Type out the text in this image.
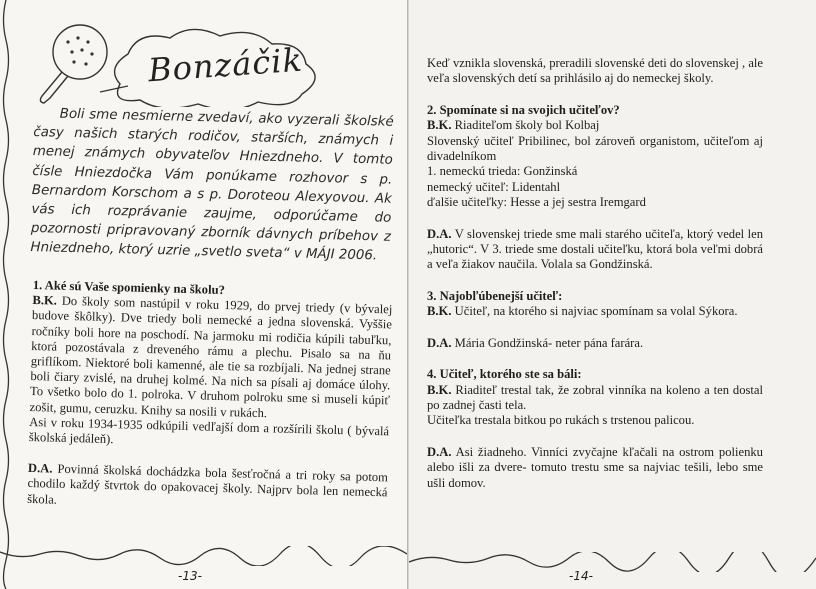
Bonzáčik

Boli sme nesmierne zvedaví, ako vyzerali školské časy našich starých rodičov, starších, známych i menej známych obyvateľov Hniezdneho. V tomto čísle Hniezdočka Vám ponúkame rozhovor s p. Bernardom Korschom a s p. Doroteou Alexyovou. Ak vás ich rozprávanie zaujme, odporúčame do pozornosti pripravovaný zborník dávnych príbehov z Hniezdneho, ktorý uzrie „svetlo sveta“ v MÁJI 2006.

1. Aké sú Vaše spomienky na školu?
B.K. Do školy som nastúpil v roku 1929, do prvej triedy (v bývalej budove škôlky). Dve triedy boli nemecké a jedna slovenská. Vyššie ročníky boli hore na poschodí. Na jarmoku mi rodičia kúpili tabuľku, ktorá pozostávala z dreveného rámu a plechu. Pisalo sa na ňu griflíkom. Niektoré boli kamenné, ale tie sa rozbíjali. Na jednej strane boli čiary zvislé, na druhej kolmé. Na nich sa písali aj domáce úlohy. To všetko bolo do 1. polroka. V druhom polroku sme si museli kúpiť zošit, gumu, ceruzku. Knihy sa nosili v rukách.
Asi v roku 1934-1935 odkúpili vedľajší dom a rozšírili školu ( bývalá školská jedáleň).
D.A. Povinná školská dochádzka bola šesťročná a tri roky sa potom chodilo každý štvrtok do opakovacej školy. Najprv bola len nemecká škola.
-13-
Keď vznikla slovenská, preradili slovenské deti do slovenskej , ale veľa slovenských detí sa prihlásilo aj do nemeckej školy.
2. Spomínate si na svojich učiteľov?
B.K. Riaditeľom školy bol Kolbaj
Slovenský učiteľ Pribilinec, bol zároveň organistom, učiteľom aj divadelníkom
1. nemeckú trieda: Gonžinská
nemecký učiteľ: Lidentahl
ďalšie učiteľky: Hesse a jej sestra Iremgard
D.A. V slovenskej triede sme mali starého učiteľa, ktorý vedel len „hutoric“. V 3. triede sme dostali učiteľku, ktorá bola veľmi dobrá a veľa žiakov naučila. Volala sa Gondžinská.
3. Najobľúbenejší učiteľ:
B.K. Učiteľ, na ktorého si najviac spomínam sa volal Sýkora.
D.A. Mária Gondžinská- neter pána farára.
4. Učiteľ, ktorého ste sa báli:
B.K. Riaditeľ trestal tak, že zobral vinníka na koleno a ten dostal po zadnej časti tela.
Učiteľka trestala bitkou po rukách s trstenou palicou.
D.A. Asi žiadneho. Vinníci zvyčajne kľačali na ostrom polienku alebo išli za dvere- tomuto trestu sme sa najviac tešili, lebo sme ušli domov.
-14-
